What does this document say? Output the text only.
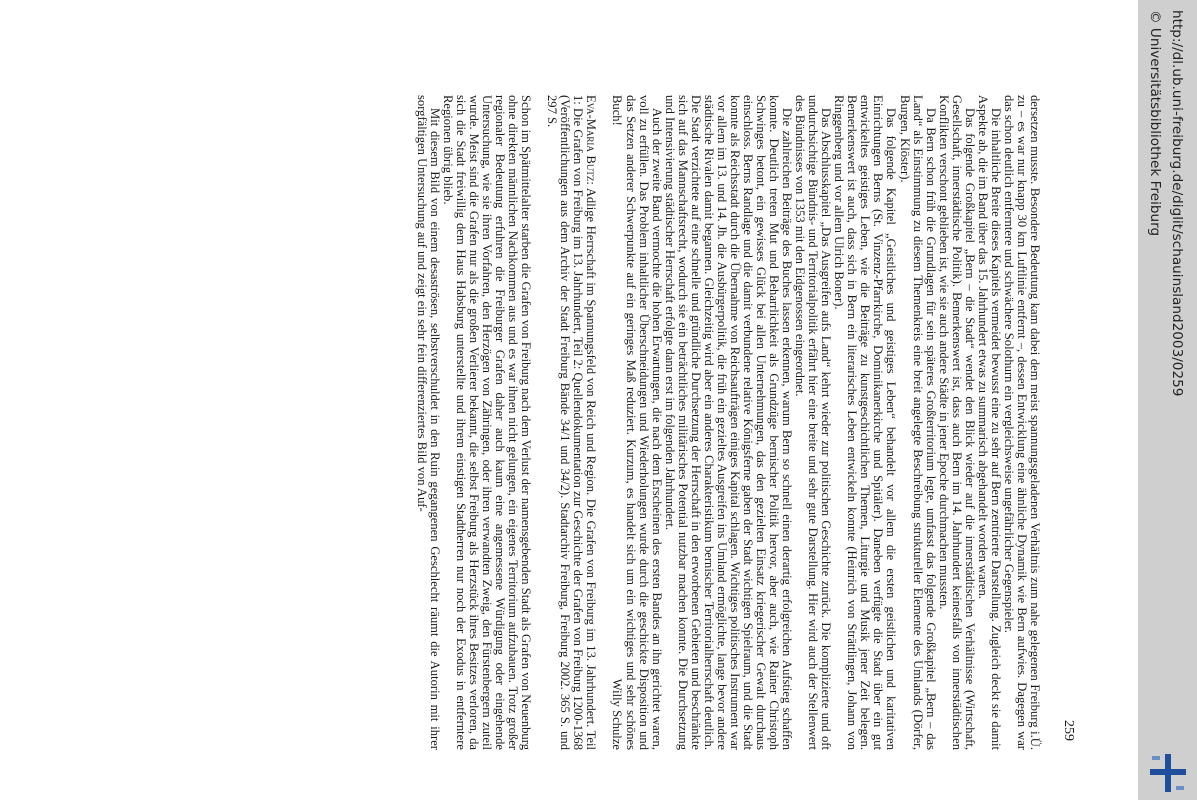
259

dersetzen musste. Besondere Bedeutung kam dabei dem meist spannungsgeladenen Verhältnis zum nahe gelegenen Freiburg i.Ü. zu – es war nur knapp 30 km Luftlinie entfernt –, dessen Entwicklung eine ähnliche Dynamik wie Bern aufwies. Dagegen war das schon deutlich entferntere und schwächere Solothurn ein vergleichsweise ungefährlicher Gegenspieler.

Die inhaltliche Breite dieses Kapitels vermeidet bewusst eine zu sehr auf Bern zentrierte Darstellung. Zugleich deckt sie damit Aspekte ab, die im Band über das 15. Jahrhundert etwas zu summarisch abgehandelt worden waren.

Das folgende Großkapitel „Bern – die Stadt“ wendet den Blick wieder auf die innerstädtischen Verhältnisse (Wirtschaft, Gesellschaft, innerstädtische Politik). Bemerkenswert ist, dass auch Bern im 14. Jahrhundert keinesfalls von innerstädtischen Konflikten verschont geblieben ist, wie sie auch andere Städte in jener Epoche durchmachen mussten.

Da Bern schon früh die Grundlagen für sein späteres Großterritorium legte, umfasst das folgende Großkapitel „Bern – das Land“ als Einstimmung zu diesem Themenkreis eine breit angelegte Beschreibung struktureller Elemente des Umlands (Dörfer, Burgen, Klöster).

Das folgende Kapitel „Geistliches und geistiges Leben“ behandelt vor allem die ersten geistlichen und karitativen Einrichtungen Berns (St. Vinzenz-Pfarrkirche, Dominikanerkirche und Spitäler). Daneben verfügte die Stadt über ein gut entwickeltes geistiges Leben, wie die Beiträge zu kunstgeschichtlichen Themen, Liturgie und Musik jener Zeit belegen. Bemerkenswert ist auch, dass sich in Bern ein literarisches Leben entwickeln konnte (Heinrich von Strättlingen, Johann von Ringgenberg und vor allem Ulrich Boner).

Das Abschlusskapitel „Das Ausgreifen aufs Land“ kehrt wieder zur politischen Geschichte zurück. Die komplizierte und oft undurchsichtige Bündnis- und Territorialpolitik erfährt hier eine breite und sehr gute Darstellung. Hier wird auch der Stellenwert des Bündnisses von 1353 mit den Eidgenossen eingeordnet.

Die zahlreichen Beiträge des Buches lassen erkennen, warum Bern so schnell einen derartig erfolgreichen Aufstieg schaffen konnte. Deutlich treten Mut und Beharrlichkeit als Grundzüge bernischer Politik hervor, aber auch, wie Rainer Christoph Schwinges betont, ein gewisses Glück bei allen Unternehmungen, das den gezielten Einsatz kriegerischer Gewalt durchaus einschloss. Berns Randlage und die damit verbundene relative Königsferne gaben der Stadt wichtigen Spielraum, und die Stadt konnte als Reichsstadt durch die Übernahme von Reichsaufträgen einiges Kapital schlagen. Wichtiges politisches Instrument war vor allem im 13. und 14. Jh. die Ausbürgerpolitik, die früh ein gezieltes Ausgreifen ins Umland ermöglichte, lange bevor andere städtische Rivalen damit begannen. Gleichzeitig wird aber ein anderes Charakteristikum bernischer Territorialherrschaft deutlich. Die Stadt verzichtete auf eine schnelle und gründliche Durchsetzung der Herrschaft in den erworbenen Gebieten und beschränkte sich auf das Mannschaftsrecht, wodurch sie ein beträchtliches militärisches Potential nutzbar machen konnte. Die Durchsetzung und Intensivierung städtischer Herrschaft erfolgte dann erst im folgenden Jahrhundert.

Auch der zweite Band vermochte die hohen Erwartungen, die nach dem Erscheinen des ersten Bandes an ihn gerichtet waren, voll zu erfüllen. Das Problem inhaltlicher Überschneidungen und Wiederholungen wurde durch die geschickte Disposition und das Setzen anderer Schwerpunkte auf ein geringes Maß reduziert. Kurzum, es handelt sich um ein wichtiges und sehr schönes Buch!
Willy Schulze

Eva-Maria Butz: Adlige Herrschaft im Spannungsfeld von Reich und Region. Die Grafen von Freiburg im 13. Jahrhundert. Teil 1: Die Grafen von Freiburg im 13. Jahrhundert, Teil 2: Quellendokumentation zur Geschichte der Grafen von Freiburg 1200-1368 (Veröffentlichungen aus dem Archiv der Stadt Freiburg Bände 34/1 und 34/2). Stadtarchiv Freiburg, Freiburg 2002. 365 S. und 297 S.

Schon im Spätmittelalter starben die Grafen von Freiburg nach dem Verlust der namensgebenden Stadt als Grafen von Neuenburg ohne direkten männlichen Nachkommen aus und es war ihnen nicht gelungen, ein eigenes Territorium aufzubauen. Trotz großer regionaler Bedeutung erfuhren die Freiburger Grafen daher auch kaum eine angemessene Würdigung oder eingehende Untersuchung, wie sie ihren Vorfahren, den Herzögen von Zähringen, oder ihren verwandten Zweig, den Fürstenbergern zuteil wurde. Meist sind die Grafen nur als die großen Verlierer bekannt, die selbst Freiburg als Herzstück ihres Besitzes verloren, da sich die Stadt freiwillig dem Haus Habsburg unterstellte und ihrem einstigen Stadtherren nur noch der Exodus in entferntere Regionen übrig blieb.

Mit diesem Bild von einem desaströsen, selbstverschuldet in den Ruin gegangenen Geschlecht räumt die Autorin mit ihrer sorgfältigen Untersuchung auf und zeigt ein sehr fein differenziertes Bild von Auf-	http://dl.ub.uni-freiburg.de/diglit/schauinsland2003/0259
© Universitätsbibliothek Freiburg
